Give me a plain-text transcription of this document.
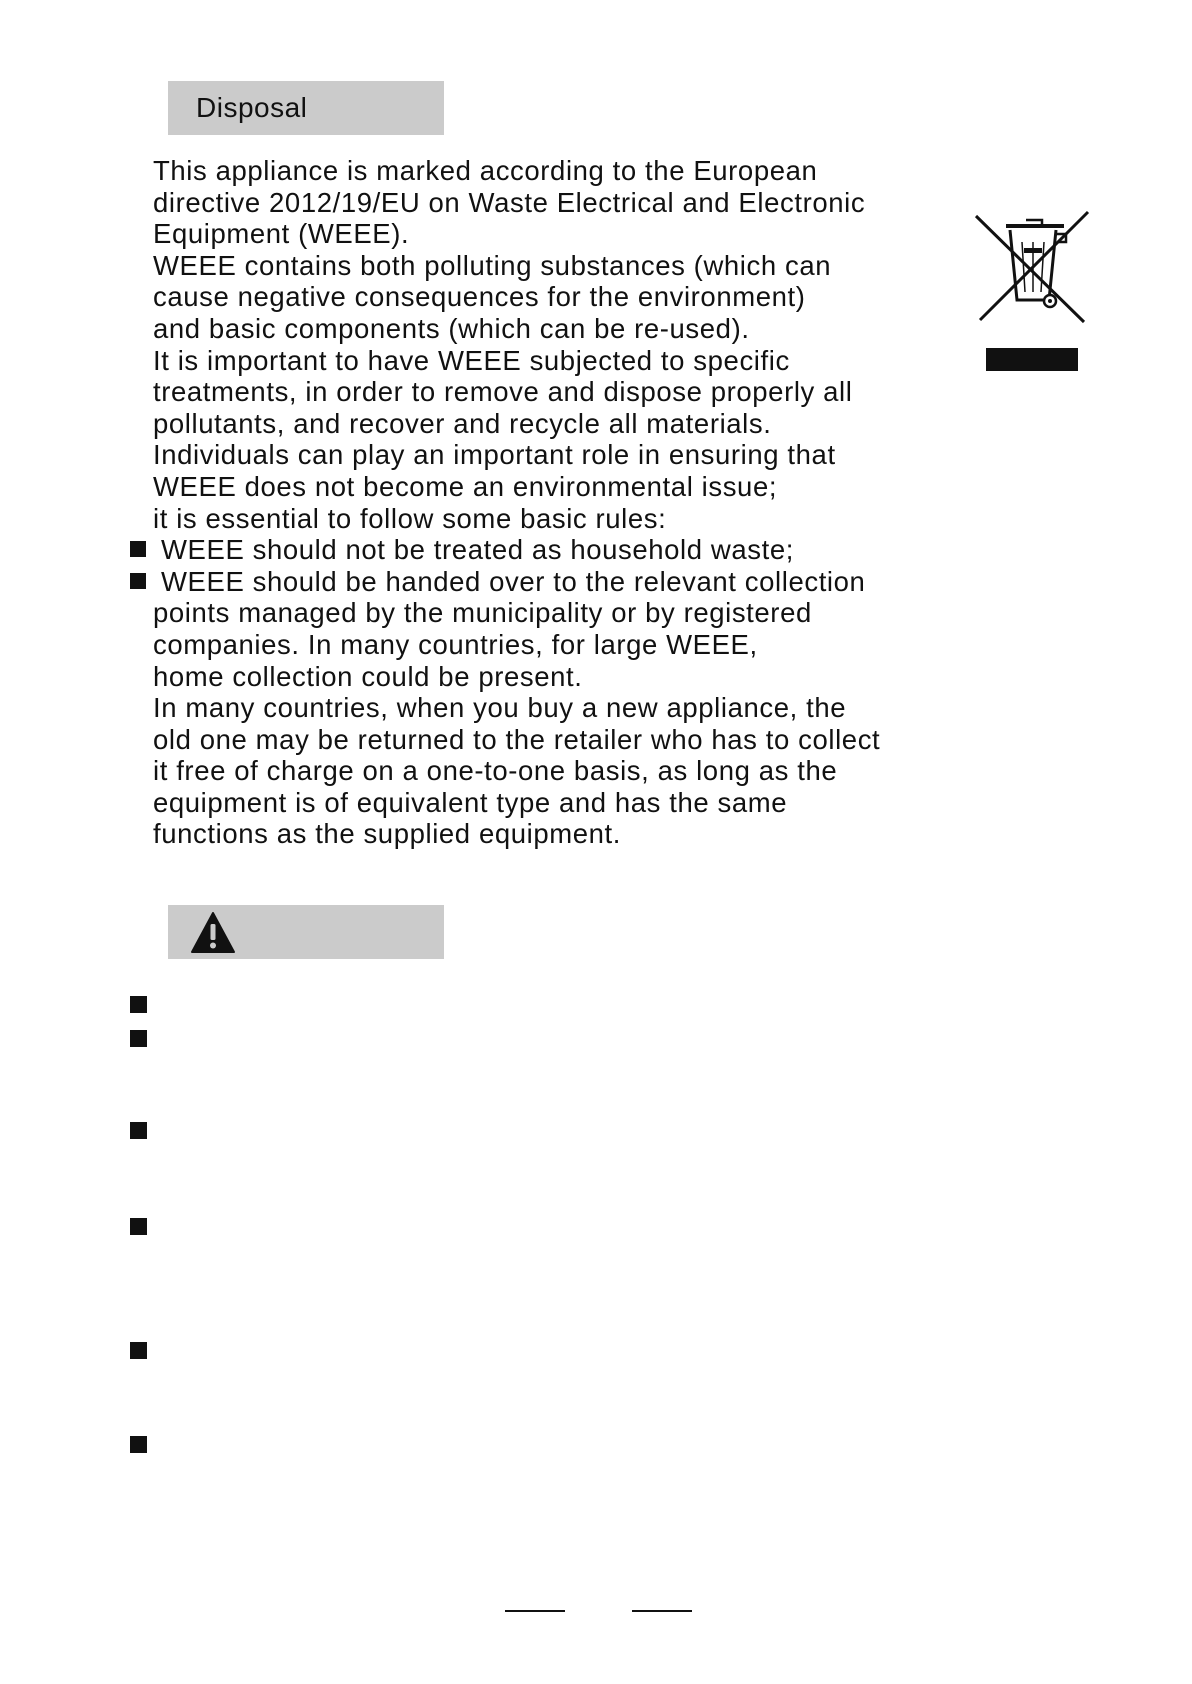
Disposal

This appliance is marked according to the European

directive 2012/19/EU on Waste Electrical and Electronic

Equipment (WEEE).

WEEE contains both polluting substances (which can

cause negative consequences for the environment)

and basic components (which can be re-used).

It is important to have WEEE subjected to specific

treatments, in order to remove and dispose properly all

pollutants, and recover and recycle all materials.

Individuals can play an important role in ensuring that

WEEE does not become an environmental issue;

it is essential to follow some basic rules:

WEEE should not be treated as household waste;

WEEE should be handed over to the relevant collection

points managed by the municipality or by registered

companies. In many countries, for large WEEE,

home collection could be present.

In many countries, when you buy a new appliance, the

old one may be returned to the retailer who has to collect

it free of charge on a one-to-one basis, as long as the

equipment is of equivalent type and has the same

functions as the supplied equipment.
